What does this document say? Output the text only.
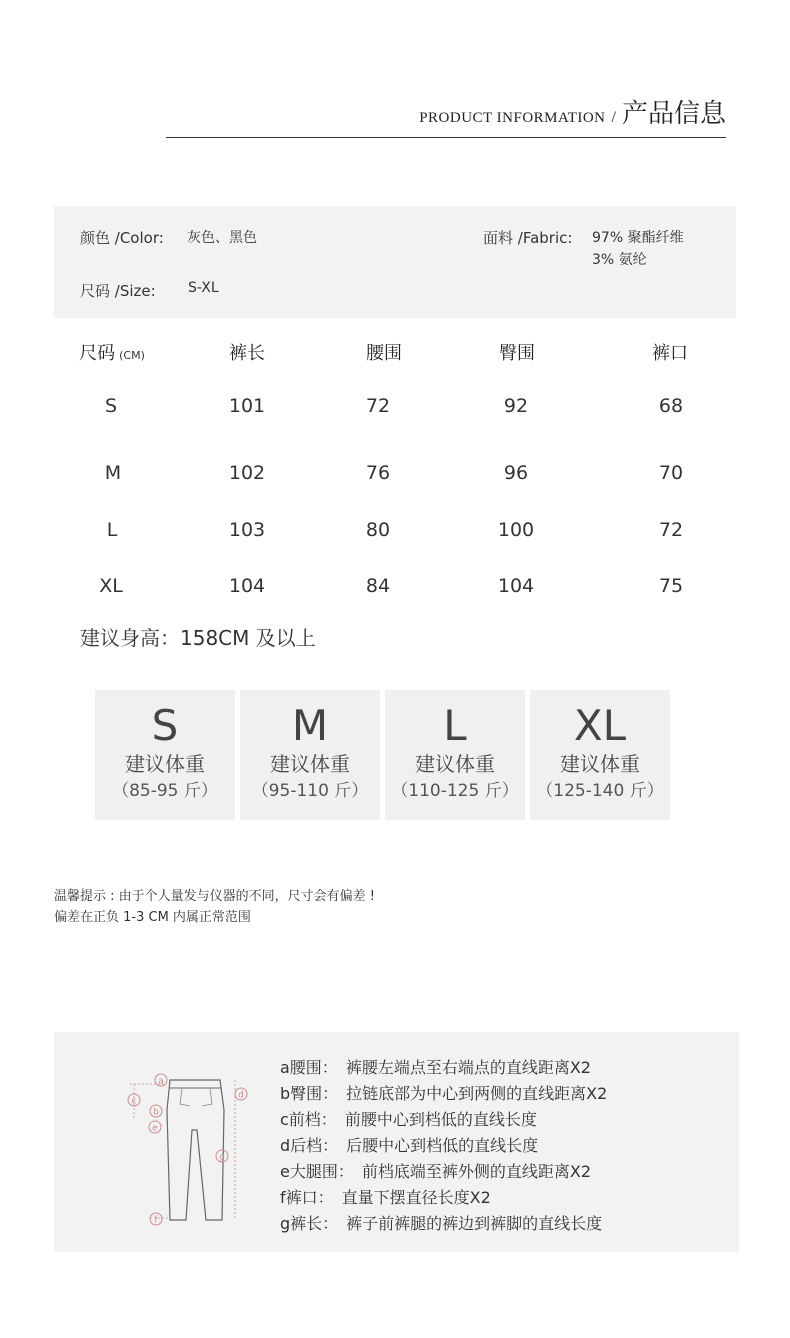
PRODUCT INFORMATION / 产品信息
颜色 /Color: 灰色、黑色
尺码 /Size: S-XL
面料 /Fabric: 97% 聚酯纤维
3% 氨纶
尺码 (CM)	裤长	腰围	臀围	裤口
S	101	72	92	68
M	102	76	96	70
L	103	80	100	72
XL	104	84	104	75
建议身高：158CM 及以上
S
建议体重
（85-95 斤）
M
建议体重
（95-110 斤）
L
建议体重
（110-125 斤）
XL
建议体重
（125-140 斤）
温馨提示 : 由于个人量发与仪器的不同，尺寸会有偏差 !
偏差在正负 1-3 CM 内属正常范围
a
c
b
e
d
g
f
a腰围： 裤腰左端点至右端点的直线距离X2
b臀围： 拉链底部为中心到两侧的直线距离X2
c前档： 前腰中心到档低的直线长度
d后档： 后腰中心到档低的直线长度
e大腿围： 前档底端至裤外侧的直线距离X2
f裤口： 直量下摆直径长度X2
g裤长： 裤子前裤腿的裤边到裤脚的直线长度
